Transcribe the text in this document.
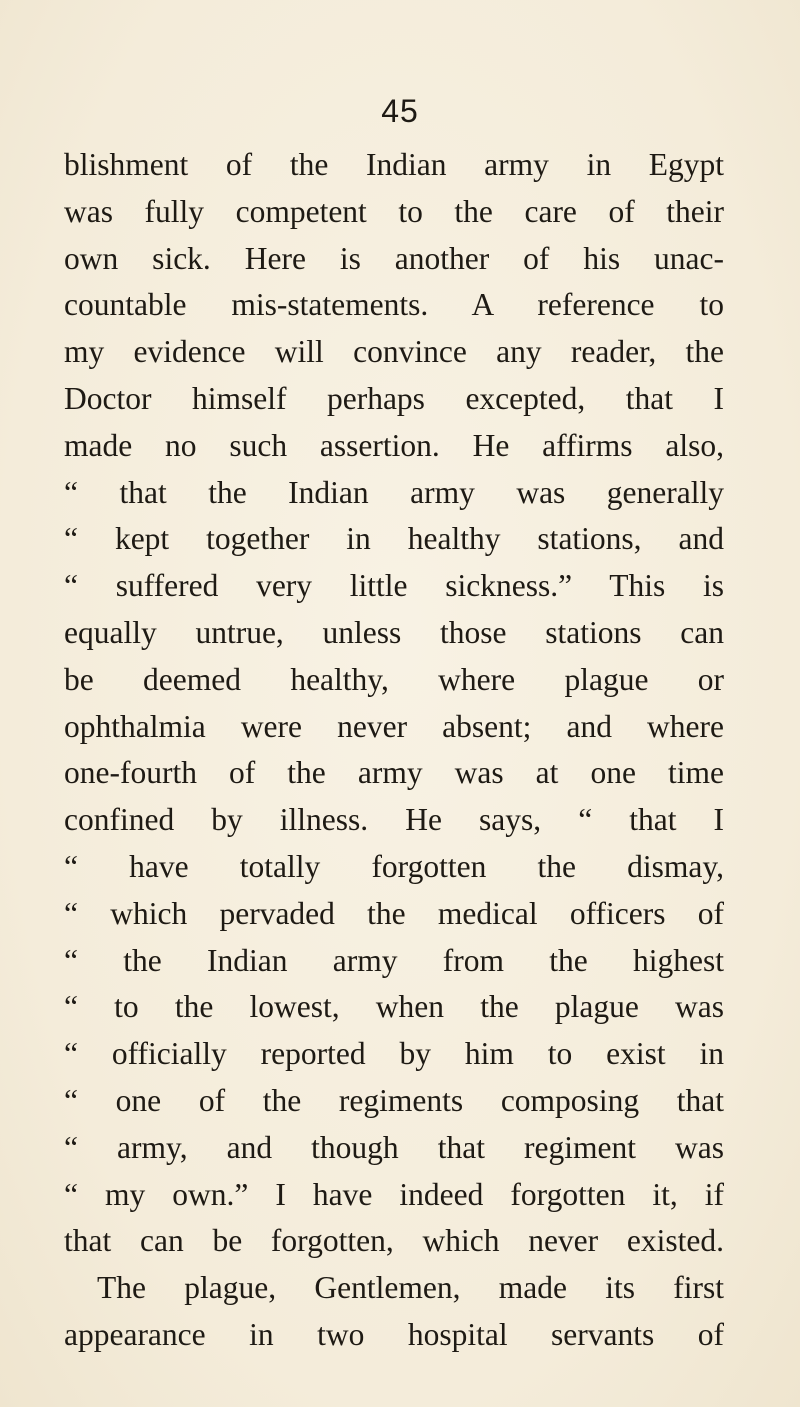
45
blishment of the Indian army in Egypt
was fully competent to the care of their
own sick. Here is another of his unac-
countable mis-statements. A reference to
my evidence will convince any reader, the
Doctor himself perhaps excepted, that I
made no such assertion. He affirms also,
“ that the Indian army was generally
“ kept together in healthy stations, and
“ suffered very little sickness.” This is
equally untrue, unless those stations can
be deemed healthy, where plague or
ophthalmia were never absent; and where
one-fourth of the army was at one time
confined by illness. He says, “ that I
“ have totally forgotten the dismay,
“ which pervaded the medical officers of
“ the Indian army from the highest
“ to the lowest, when the plague was
“ officially reported by him to exist in
“ one of the regiments composing that
“ army, and though that regiment was
“ my own.” I have indeed forgotten it, if
that can be forgotten, which never existed.
The plague, Gentlemen, made its first
appearance in two hospital servants of
